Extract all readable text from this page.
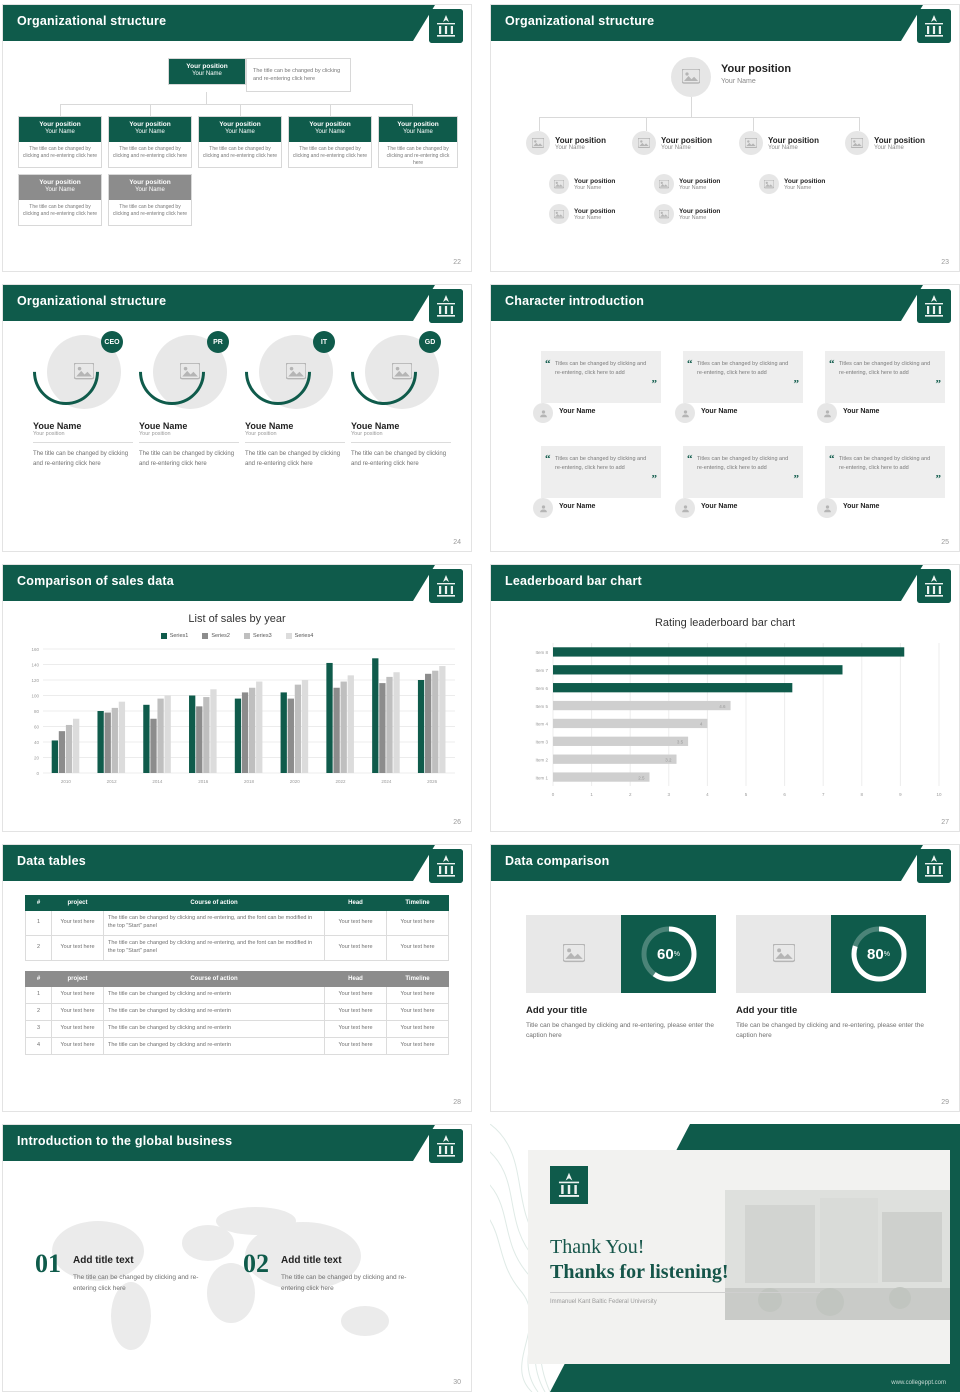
Organizational structure
Your position
Your Name
The title can be changed by clicking and re-entering click here
Your position
Your Name
The title can be changed by clicking and re-entering click here
Your position
Your Name
The title can be changed by clicking and re-entering click here
Your position
Your Name
The title can be changed by clicking and re-entering click here
Your position
Your Name
The title can be changed by clicking and re-entering click here
Your position
Your Name
The title can be changed by clicking and re-entering click here
Your position
Your Name
The title can be changed by clicking and re-entering click here
Your position
Your Name
The title can be changed by clicking and re-entering click here
22
Organizational structure
Your position
Your Name
Your position
Your Name
Your position
Your Name
Your position
Your Name
Your position
Your Name
Your position
Your Name
Your position
Your Name
Your position
Your Name
Your position
Your Name
Your position
Your Name
23
Organizational structure
CEO
Youe Name
Your position
The title can be changed by clicking and re-entering click here
PR
Youe Name
Your position
The title can be changed by clicking and re-entering click here
IT
Youe Name
Your position
The title can be changed by clicking and re-entering click here
GD
Youe Name
Your position
The title can be changed by clicking and re-entering click here
24
Character introduction
“ Titles can be changed by clicking and re-entering, click here to add
”
Your Name
“ Titles can be changed by clicking and re-entering, click here to add
”
Your Name
“ Titles can be changed by clicking and re-entering, click here to add
”
Your Name
“ Titles can be changed by clicking and re-entering, click here to add
”
Your Name
“ Titles can be changed by clicking and re-entering, click here to add
”
Your Name
“ Titles can be changed by clicking and re-entering, click here to add
”
Your Name
25
Comparison of sales data
List of sales by year
Series1	Series2	Series3	Series4
0
20
40
60
80
100
120
140
160
2010	2012	2014	2016	2018	2020	2022	2024	2026
26
Leaderboard bar chart
Rating leaderboard bar chart
0	1	2	3	4	5	6	7	8	9	10
Item 8
Item 7
Item 6
Item 5	4.6
Item 4	4
Item 3	3.5
Item 2	3.2
Item 1	2.5
27
Data tables
#	project	Course of action	Head	Timeline
1	Your text here	The title can be changed by clicking and re-entering, and the font can be modified in the top "Start" panel	Your text here	Your text here
2	Your text here	The title can be changed by clicking and re-entering, and the font can be modified in the top "Start" panel	Your text here	Your text here
#	project	Course of action	Head	Timeline
1	Your text here	The title can be changed by clicking and re-enterin	Your text here	Your text here
2	Your text here	The title can be changed by clicking and re-enterin	Your text here	Your text here
3	Your text here	The title can be changed by clicking and re-enterin	Your text here	Your text here
4	Your text here	The title can be changed by clicking and re-enterin	Your text here	Your text here
28
Data comparison
60 %
Add your title
Title can be changed by clicking and re-entering, please enter the caption here
80 %
Add your title
Title can be changed by clicking and re-entering, please enter the caption here
29
Introduction to the global business
01 Add title text
The title can be changed by clicking and re-entering click here
02 Add title text
The title can be changed by clicking and re-entering click here
30
Thank You!
Thanks for listening!
Immanuel Kant Baltic Federal University
www.collegeppt.com
